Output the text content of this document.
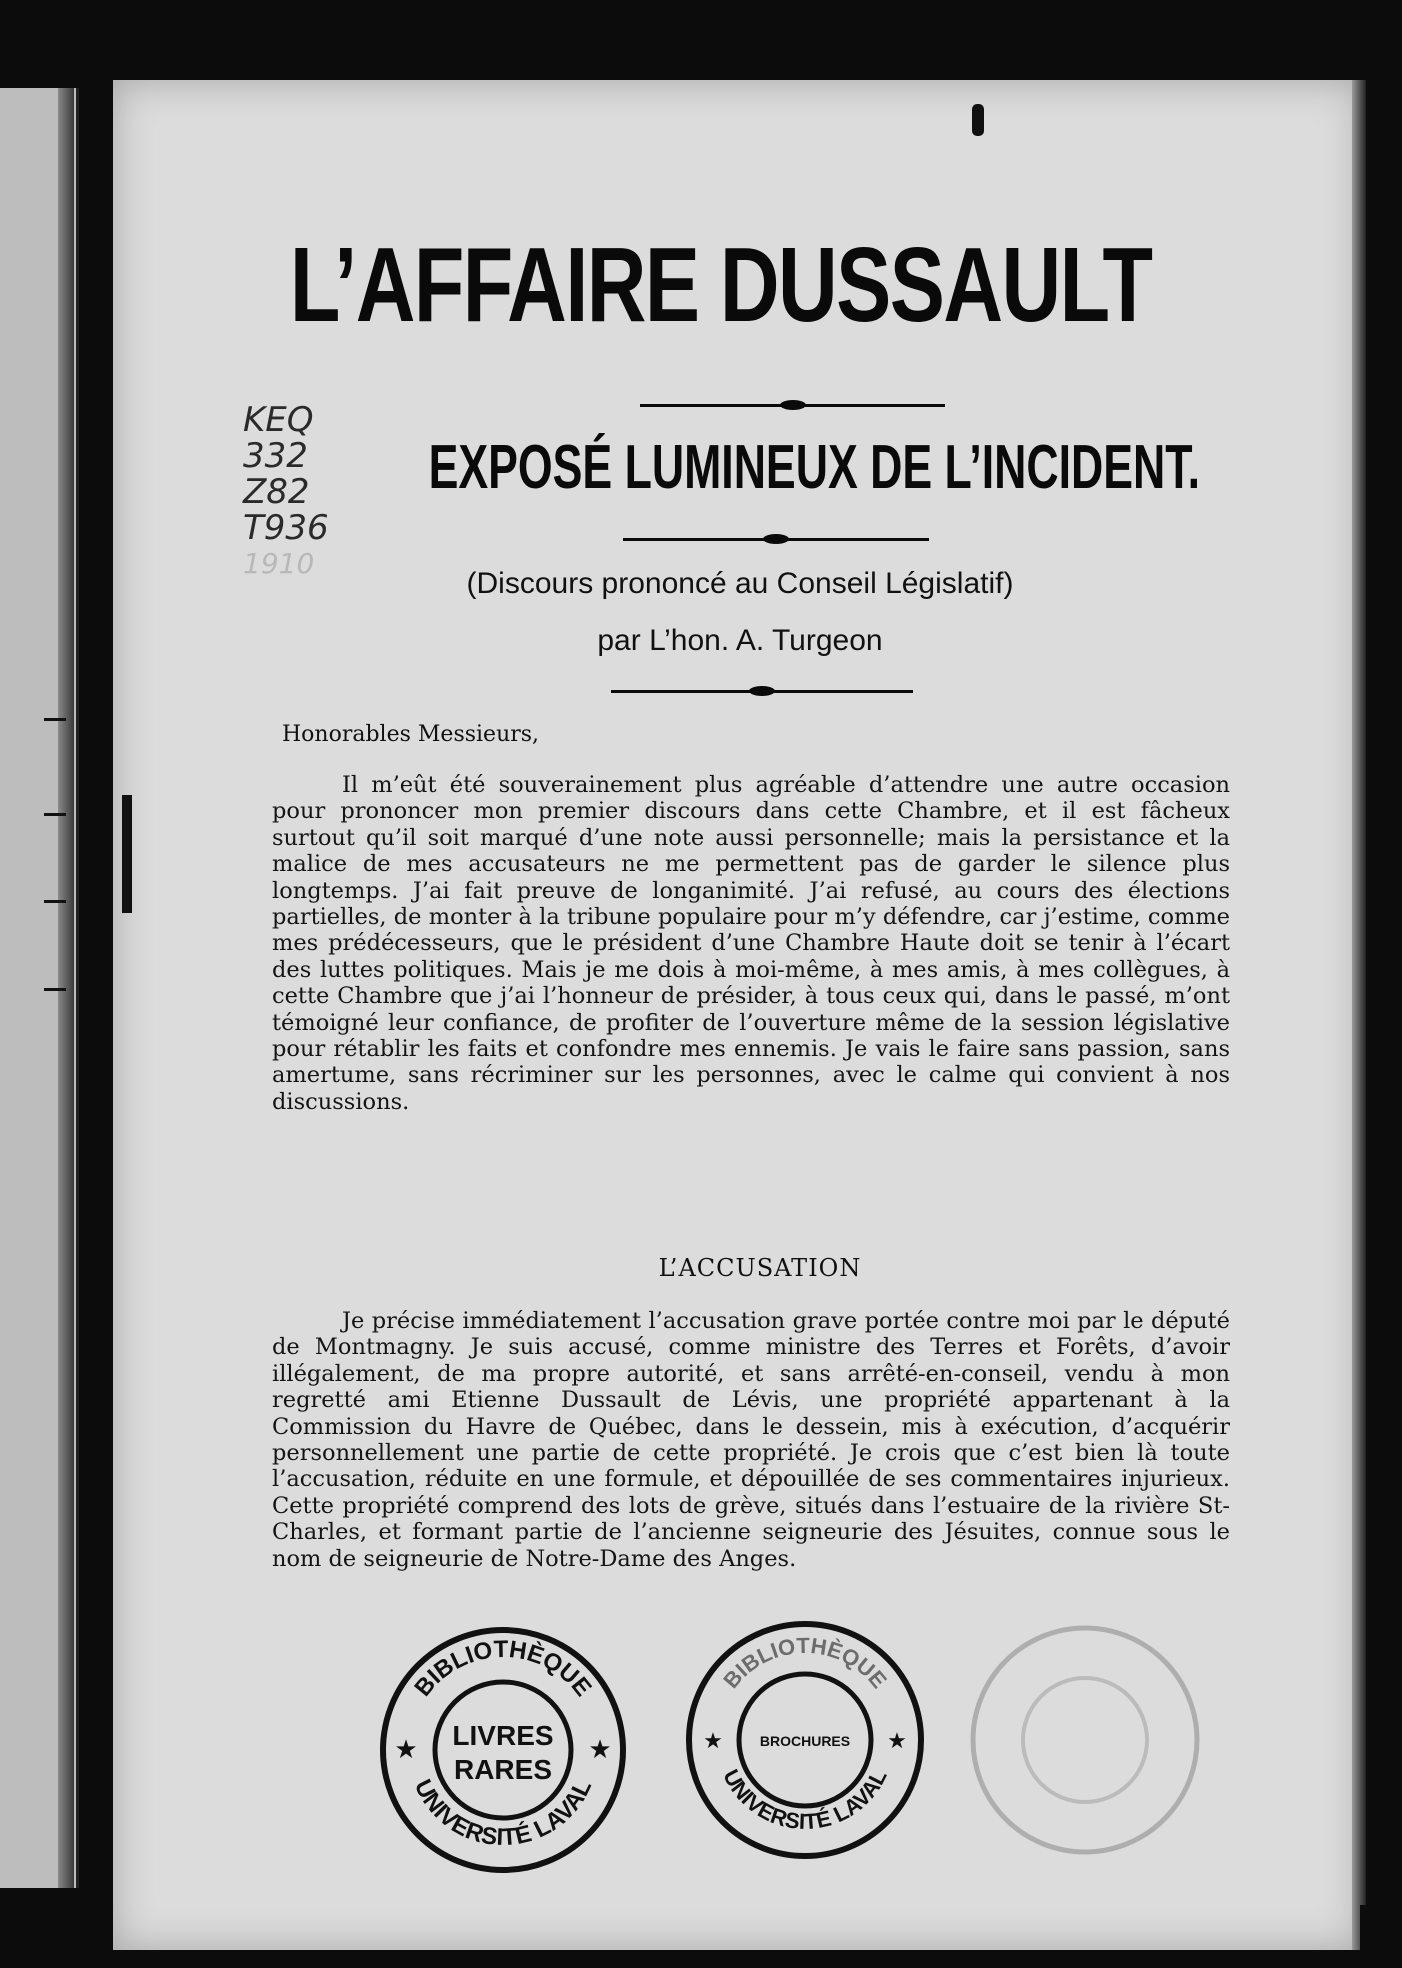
L’AFFAIRE DUSSAULT
KEQ
332
Z82
T936
1910
EXPOSÉ LUMINEUX DE L’INCIDENT.
(Discours prononcé au Conseil Législatif)
par L’hon. A. Turgeon
Honorables Messieurs,

Il m’eût été souverainement plus agréable d’attendre une autre occasion pour prononcer mon premier discours dans cette Chambre, et il est fâcheux surtout qu’il soit marqué d’une note aussi personnelle; mais la persistance et la malice de mes accusateurs ne me permettent pas de garder le silence plus longtemps. J’ai fait preuve de longanimité. J’ai refusé, au cours des élections partielles, de monter à la tribune populaire pour m’y défendre, car j’estime, comme mes prédécesseurs, que le président d’une Chambre Haute doit se tenir à l’écart des luttes politiques. Mais je me dois à moi-même, à mes amis, à mes collègues, à cette Chambre que j’ai l’honneur de présider, à tous ceux qui, dans le passé, m’ont témoigné leur confiance, de profiter de l’ouverture même de la session législative pour rétablir les faits et confondre mes ennemis. Je vais le faire sans passion, sans amertume, sans récriminer sur les personnes, avec le calme qui convient à nos discussions.

L’ACCUSATION

Je précise immédiatement l’accusation grave portée contre moi par le député de Montmagny. Je suis accusé, comme ministre des Terres et Forêts, d’avoir illégalement, de ma propre autorité, et sans arrêté-en-conseil, vendu à mon regretté ami Etienne Dussault de Lévis, une propriété appartenant à la Commission du Havre de Québec, dans le dessein, mis à exécution, d’acquérir personnellement une partie de cette propriété. Je crois que c’est bien là toute l’accusation, réduite en une formule, et dépouillée de ses commentaires injurieux. Cette propriété comprend des lots de grève, situés dans l’estuaire de la rivière St-Charles, et formant partie de l’ancienne seigneurie des Jésuites, connue sous le nom de seigneurie de Notre-Dame des Anges.

BIBLIOTHÈQUE
UNIVERSITÉ LAVAL
LIVRES
RARES
★	★
BIBLIOTHÈQUE
UNIVERSITÉ LAVAL
BROCHURES
★	★
